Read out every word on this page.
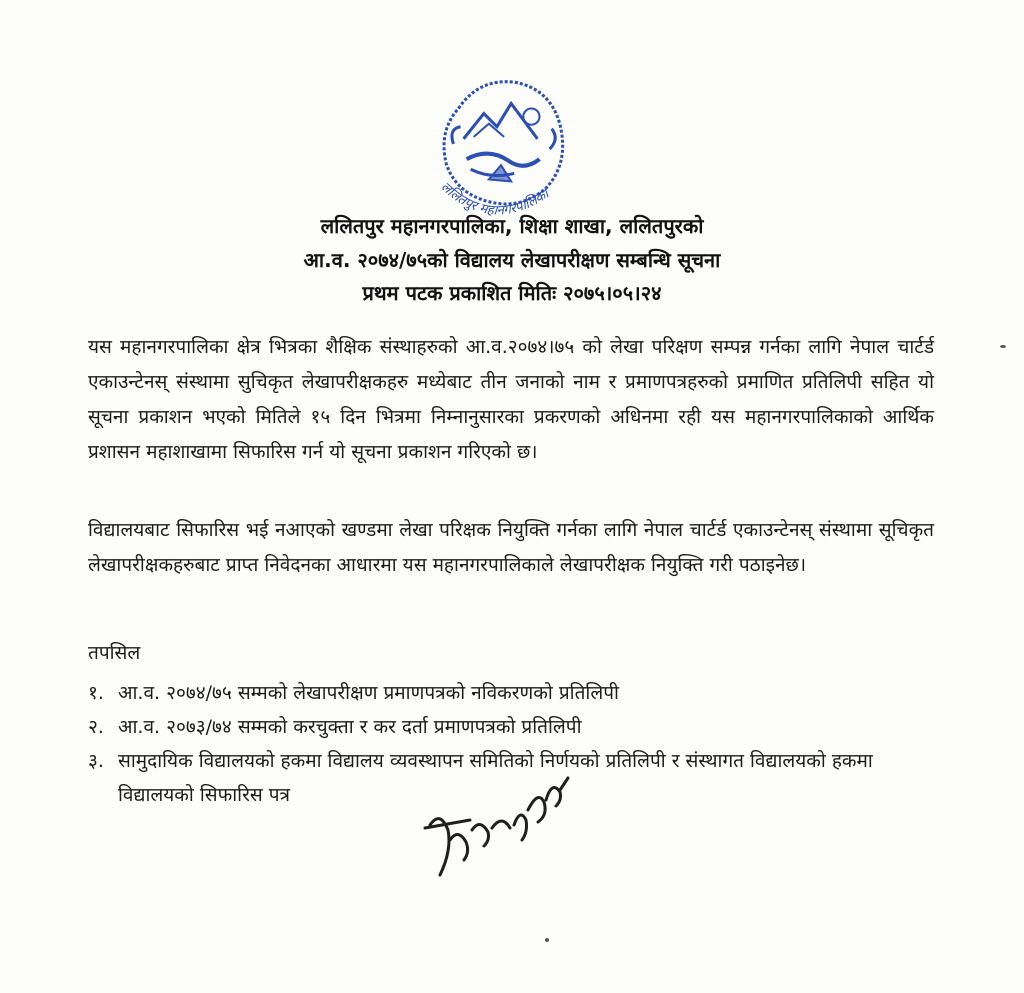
ललितपुर महानगरपालिका
ललितपुर महानगरपालिका, शिक्षा शाखा, ललितपुरको
आ.व. २०७४/७५को विद्यालय लेखापरीक्षण सम्बन्धि सूचना
प्रथम पटक प्रकाशित मितिः २०७५।०५।२४
यस महानगरपालिका क्षेत्र भित्रका शैक्षिक संस्थाहरुको आ.व.२०७४।७५ को लेखा परिक्षण सम्पन्न गर्नका लागि नेपाल चार्टर्ड एकाउन्टेनस् संस्थामा सुचिकृत लेखापरीक्षकहरु मध्येबाट तीन जनाको नाम र प्रमाणपत्रहरुको प्रमाणित प्रतिलिपी सहित यो सूचना प्रकाशन भएको मितिले १५ दिन भित्रमा निम्नानुसारका प्रकरणको अधिनमा रही यस महानगरपालिकाको आर्थिक प्रशासन महाशाखामा सिफारिस गर्न यो सूचना प्रकाशन गरिएको छ।
विद्यालयबाट सिफारिस भई नआएको खण्डमा लेखा परिक्षक नियुक्ति गर्नका लागि नेपाल चार्टर्ड एकाउन्टेनस् संस्थामा सूचिकृत लेखापरीक्षकहरुबाट प्राप्त निवेदनका आधारमा यस महानगरपालिकाले लेखापरीक्षक नियुक्ति गरी पठाइनेछ।
तपसिल
१. आ.व. २०७४/७५ सम्मको लेखापरीक्षण प्रमाणपत्रको नविकरणको प्रतिलिपी
२. आ.व. २०७३/७४ सम्मको करचुक्ता र कर दर्ता प्रमाणपत्रको प्रतिलिपी
३. सामुदायिक विद्यालयको हकमा विद्यालय व्यवस्थापन समितिको निर्णयको प्रतिलिपी र संस्थागत विद्यालयको हकमा विद्यालयको सिफारिस पत्र
